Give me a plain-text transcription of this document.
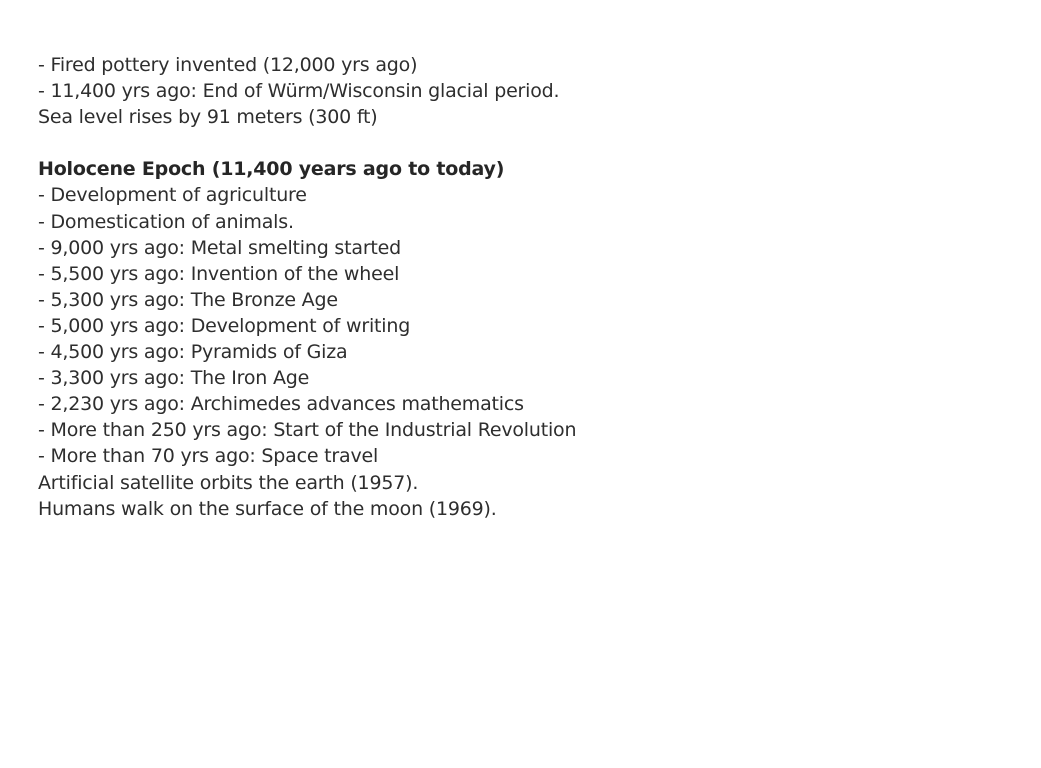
- Fired pottery invented (12,000 yrs ago)
- 11,400 yrs ago: End of Würm/Wisconsin glacial period.
Sea level rises by 91 meters (300 ft)
Holocene Epoch (11,400 years ago to today)
- Development of agriculture
- Domestication of animals.
- 9,000 yrs ago: Metal smelting started
- 5,500 yrs ago: Invention of the wheel
- 5,300 yrs ago: The Bronze Age
- 5,000 yrs ago: Development of writing
- 4,500 yrs ago: Pyramids of Giza
- 3,300 yrs ago: The Iron Age
- 2,230 yrs ago: Archimedes advances mathematics
- More than 250 yrs ago: Start of the Industrial Revolution
- More than 70 yrs ago: Space travel
Artificial satellite orbits the earth (1957).
Humans walk on the surface of the moon (1969).
